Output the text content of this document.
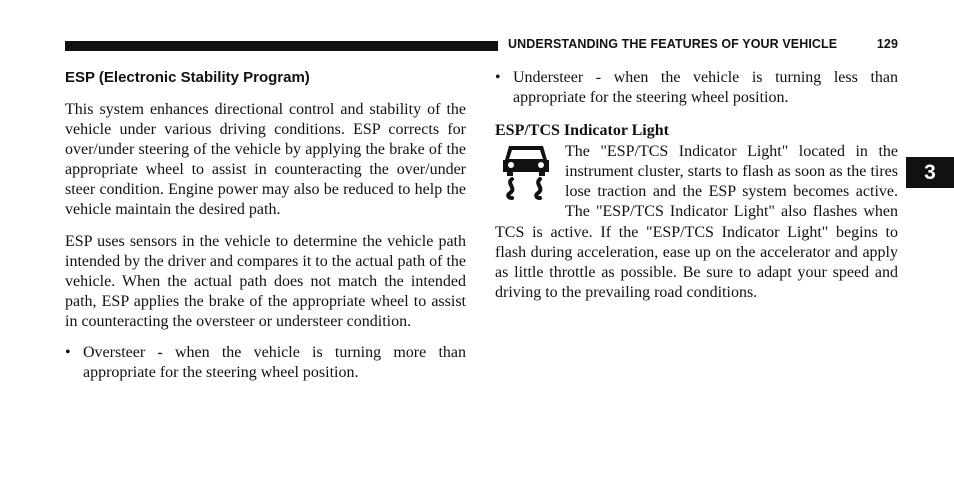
UNDERSTANDING THE FEATURES OF YOUR VEHICLE	129
3
ESP (Electronic Stability Program)

This system enhances directional control and stability of the vehicle under various driving conditions. ESP corrects for over/under steering of the vehicle by applying the brake of the appropriate wheel to assist in counteracting the over/under steer condition. Engine power may also be reduced to help the vehicle maintain the desired path.

ESP uses sensors in the vehicle to determine the vehicle path intended by the driver and compares it to the actual path of the vehicle. When the actual path does not match the intended path, ESP applies the brake of the appropriate wheel to assist in counteracting the oversteer or understeer condition.

• Oversteer - when the vehicle is turning more than appropriate for the steering wheel position.
• Understeer - when the vehicle is turning less than appropriate for the steering wheel position.
ESP/TCS Indicator Light

The "ESP/TCS Indicator Light" located in the instrument cluster, starts to flash as soon as the tires lose traction and the ESP system becomes active. The "ESP/TCS Indicator Light" also flashes when TCS is active. If the "ESP/TCS Indicator Light" begins to flash during acceleration, ease up on the accelerator and apply as little throttle as possible. Be sure to adapt your speed and driving to the prevailing road conditions.
